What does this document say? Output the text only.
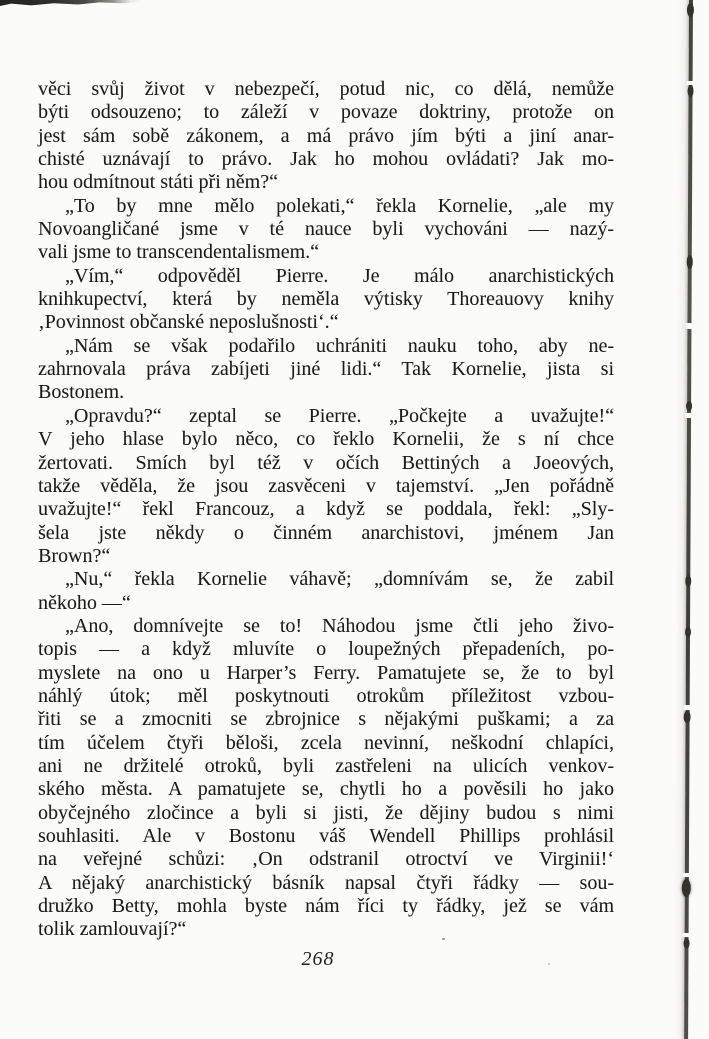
věci svůj život v nebezpečí, potud nic, co dělá, nemůže
býti odsouzeno; to záleží v povaze doktriny, protože on
jest sám sobě zákonem, a má právo jím býti a jiní anar-
chisté uznávají to právo. Jak ho mohou ovládati? Jak mo-
hou odmítnout státi při něm?“

„To by mne mělo polekati,“ řekla Kornelie, „ale my
Novoangličané jsme v té nauce byli vychováni — nazý-
vali jsme to transcendentalismem.“

„Vím,“ odpověděl Pierre. Je málo anarchistických
knihkupectví, která by neměla výtisky Thoreauovy knihy
‚Povinnost občanské neposlušnosti‘.“

„Nám se však podařilo uchrániti nauku toho, aby ne-
zahrnovala práva zabíjeti jiné lidi.“ Tak Kornelie, jista si
Bostonem.

„Opravdu?“ zeptal se Pierre. „Počkejte a uvažujte!“
V jeho hlase bylo něco, co řeklo Kornelii, že s ní chce
žertovati. Smích byl též v očích Bettiných a Joeových,
takže věděla, že jsou zasvěceni v tajemství. „Jen pořádně
uvažujte!“ řekl Francouz, a když se poddala, řekl: „Sly-
šela jste někdy o činném anarchistovi, jménem Jan
Brown?“

„Nu,“ řekla Kornelie váhavě; „domnívám se, že zabil
někoho —“

„Ano, domnívejte se to! Náhodou jsme čtli jeho živo-
topis — a když mluvíte o loupežných přepadeních, po-
myslete na ono u Harper’s Ferry. Pamatujete se, že to byl
náhlý útok; měl poskytnouti otrokům příležitost vzbou-
řiti se a zmocniti se zbrojnice s nějakými puškami; a za
tím účelem čtyři běloši, zcela nevinní, neškodní chlapíci,
ani ne držitelé otroků, byli zastřeleni na ulicích venkov-
ského města. A pamatujete se, chytli ho a pověsili ho jako
obyčejného zločince a byli si jisti, že dějiny budou s nimi
souhlasiti. Ale v Bostonu váš Wendell Phillips prohlásil
na veřejné schůzi: ‚On odstranil otroctví ve Virginii!‘
A nějaký anarchistický básník napsal čtyři řádky — sou-
družko Betty, mohla byste nám říci ty řádky, jež se vám
tolik zamlouvají?“

268
